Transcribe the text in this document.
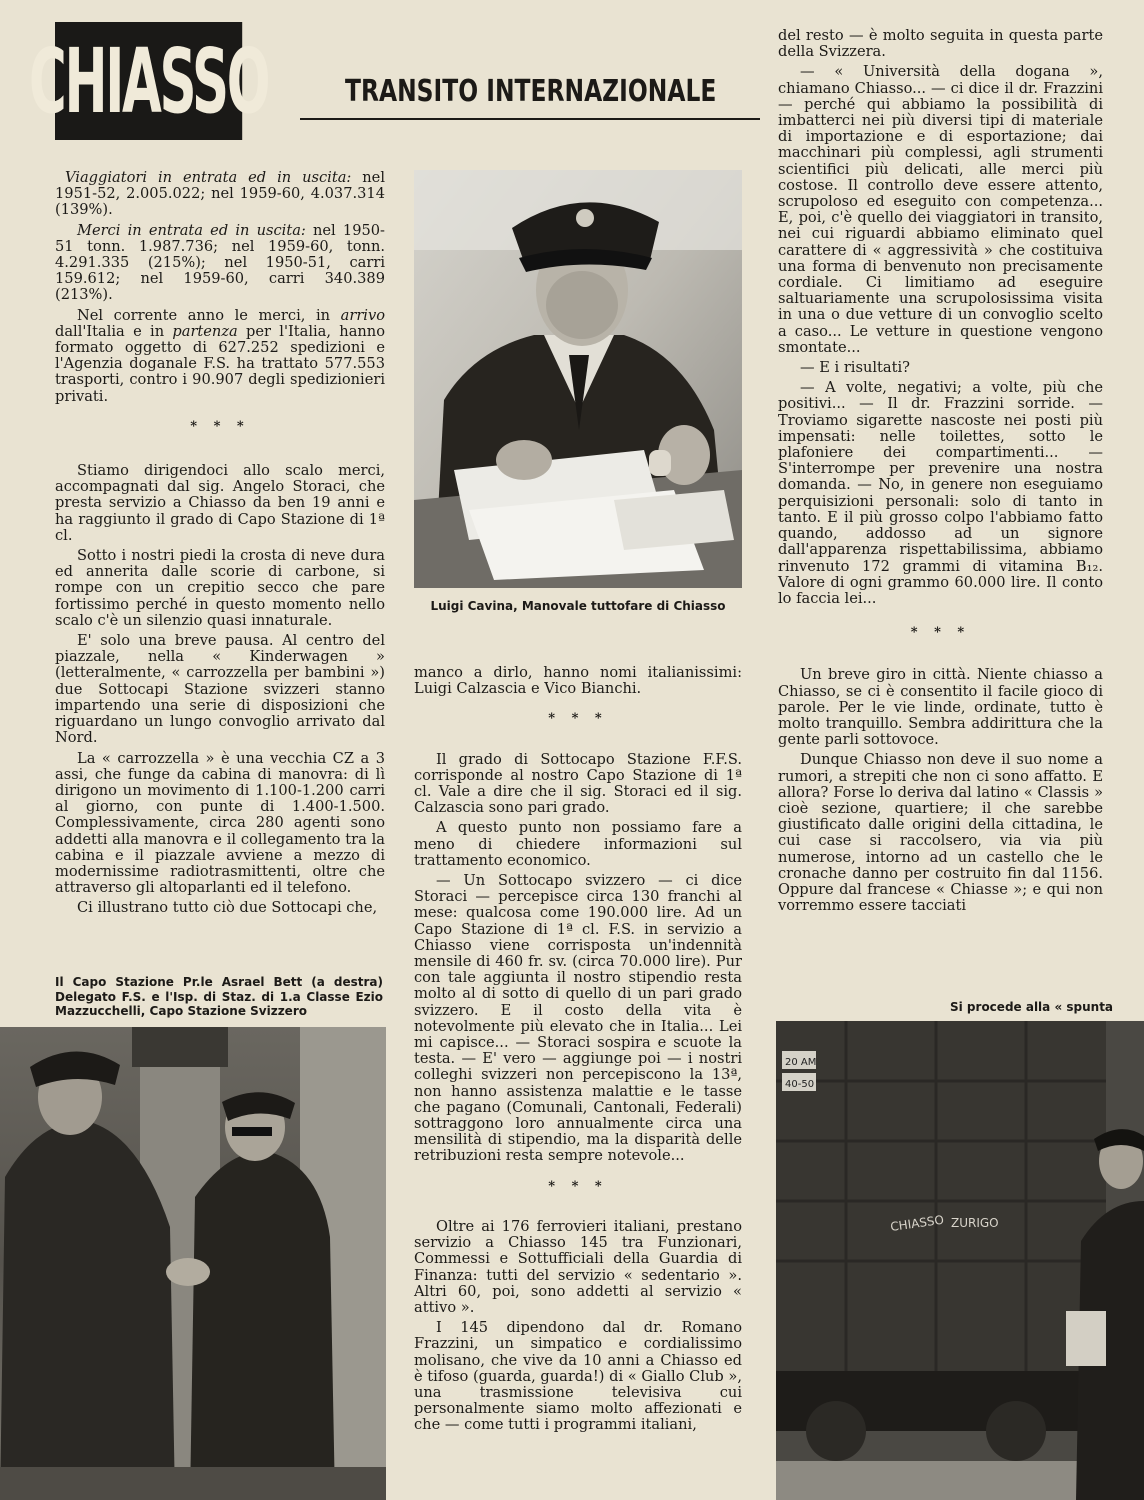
CHIASSO	TRANSITO INTERNAZIONALE

Viaggiatori in entrata ed in uscita: nel 1951-52, 2.005.022; nel 1959-60, 4.037.314 (139%).

Merci in entrata ed in uscita: nel 1950-51 tonn. 1.987.736; nel 1959-60, tonn. 4.291.335 (215%); nel 1950-51, carri 159.612; nel 1959-60, carri 340.389 (213%).

Nel corrente anno le merci, in arrivo dall'Italia e in partenza per l'Italia, hanno formato oggetto di 627.252 spedizioni e l'Agenzia doganale F.S. ha trattato 577.553 trasporti, contro i 90.907 degli spedizionieri privati.

* * *

Stiamo dirigendoci allo scalo merci, accompagnati dal sig. Angelo Storaci, che presta servizio a Chiasso da ben 19 anni e ha raggiunto il grado di Capo Stazione di 1ª cl.

Sotto i nostri piedi la crosta di neve dura ed annerita dalle scorie di carbone, si rompe con un crepitio secco che pare fortissimo perché in questo momento nello scalo c'è un silenzio quasi innaturale.

E' solo una breve pausa. Al centro del piazzale, nella « Kinderwagen » (letteralmente, « carrozzella per bambini ») due Sottocapi Stazione svizzeri stanno impartendo una serie di disposizioni che riguardano un lungo convoglio arrivato dal Nord.

La « carrozzella » è una vecchia CZ a 3 assi, che funge da cabina di manovra: di lì dirigono un movimento di 1.100-1.200 carri al giorno, con punte di 1.400-1.500. Complessivamente, circa 280 agenti sono addetti alla manovra e il collegamento tra la cabina e il piazzale avviene a mezzo di modernissime radiotrasmittenti, oltre che attraverso gli altoparlanti ed il telefono.

Ci illustrano tutto ciò due Sottocapi che,

Luigi Cavina, Manovale tuttofare di Chiasso

manco a dirlo, hanno nomi italianissimi: Luigi Calzascia e Vico Bianchi.

* * *

Il grado di Sottocapo Stazione F.F.S. corrisponde al nostro Capo Stazione di 1ª cl. Vale a dire che il sig. Storaci ed il sig. Calzascia sono pari grado.

A questo punto non possiamo fare a meno di chiedere informazioni sul trattamento economico.

— Un Sottocapo svizzero — ci dice Storaci — percepisce circa 130 franchi al mese: qualcosa come 190.000 lire. Ad un Capo Stazione di 1ª cl. F.S. in servizio a Chiasso viene corrisposta un'indennità mensile di 460 fr. sv. (circa 70.000 lire). Pur con tale aggiunta il nostro stipendio resta molto al di sotto di quello di un pari grado svizzero. E il costo della vita è notevolmente più elevato che in Italia... Lei mi capisce... — Storaci sospira e scuote la testa. — E' vero — aggiunge poi — i nostri colleghi svizzeri non percepiscono la 13ª, non hanno assistenza malattie e le tasse che pagano (Comunali, Cantonali, Federali) sottraggono loro annualmente circa una mensilità di stipendio, ma la disparità delle retribuzioni resta sempre notevole...

* * *

Oltre ai 176 ferrovieri italiani, prestano servizio a Chiasso 145 tra Funzionari, Commessi e Sottufficiali della Guardia di Finanza: tutti del servizio « sedentario ». Altri 60, poi, sono addetti al servizio « attivo ».

I 145 dipendono dal dr. Romano Frazzini, un simpatico e cordialissimo molisano, che vive da 10 anni a Chiasso ed è tifoso (guarda, guarda!) di « Giallo Club », una trasmissione televisiva cui personalmente siamo molto affezionati e che — come tutti i programmi italiani,

del resto — è molto seguita in questa parte della Svizzera.

— « Università della dogana », chiamano Chiasso... — ci dice il dr. Frazzini — perché qui abbiamo la possibilità di imbatterci nei più diversi tipi di materiale di importazione e di esportazione; dai macchinari più complessi, agli strumenti scientifici più delicati, alle merci più costose. Il controllo deve essere attento, scrupoloso ed eseguito con competenza... E, poi, c'è quello dei viaggiatori in transito, nei cui riguardi abbiamo eliminato quel carattere di « aggressività » che costituiva una forma di benvenuto non precisamente cordiale. Ci limitiamo ad eseguire saltuariamente una scrupolosissima visita in una o due vetture di un convoglio scelto a caso... Le vetture in questione vengono smontate...

— E i risultati?

— A volte, negativi; a volte, più che positivi... — Il dr. Frazzini sorride. — Troviamo sigarette nascoste nei posti più impensati: nelle toilettes, sotto le plafoniere dei compartimenti... — S'interrompe per prevenire una nostra domanda. — No, in genere non eseguiamo perquisizioni personali: solo di tanto in tanto. E il più grosso colpo l'abbiamo fatto quando, addosso ad un signore dall'apparenza rispettabilissima, abbiamo rinvenuto 172 grammi di vitamina B₁₂. Valore di ogni grammo 60.000 lire. Il conto lo faccia lei...

* * *

Un breve giro in città. Niente chiasso a Chiasso, se ci è consentito il facile gioco di parole. Per le vie linde, ordinate, tutto è molto tranquillo. Sembra addirittura che la gente parli sottovoce.

Dunque Chiasso non deve il suo nome a rumori, a strepiti che non ci sono affatto. E allora? Forse lo deriva dal latino « Classis » cioè sezione, quartiere; il che sarebbe giustificato dalle origini della cittadina, le cui case si raccolsero, via via più numerose, intorno ad un castello che le cronache danno per costruito fin dal 1156. Oppure dal francese « Chiasse »; e qui non vorremmo essere tacciati

Il Capo Stazione Pr.le Asrael Bett (a destra) Delegato F.S. e l'Isp. di Staz. di 1.a Classe Ezio Mazzucchelli, Capo Stazione Svizzero	Si procede alla « spunta
20 AM
40-50
CHIASSO ZURIGO
